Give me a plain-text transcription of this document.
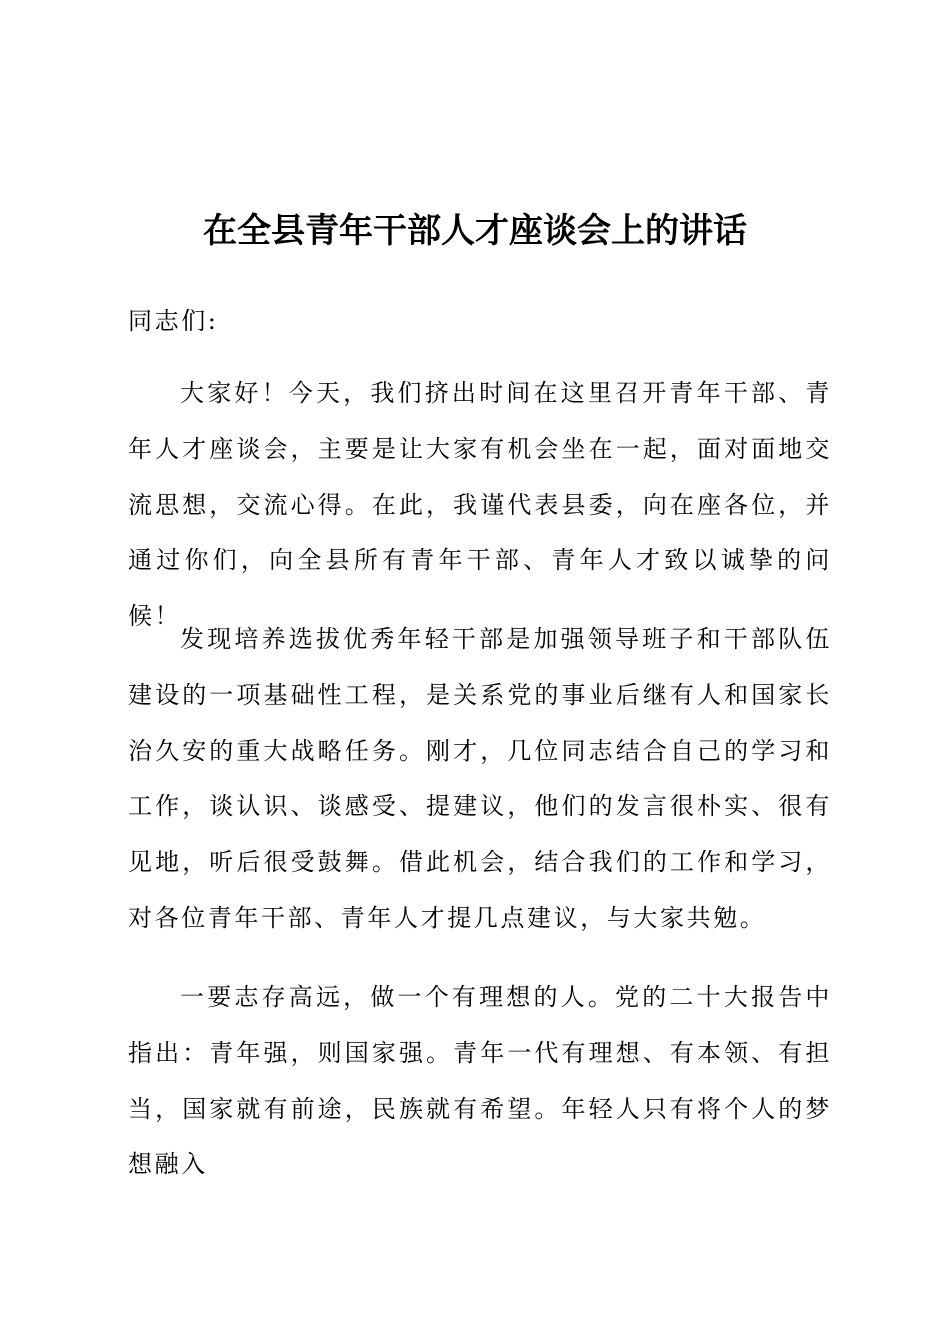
在全县青年干部人才座谈会上的讲话
同志们:
大家好！今天，我们挤出时间在这里召开青年干部、青年人才座谈会，主要是让大家有机会坐在一起，面对面地交流思想，交流心得。在此，我谨代表县委，向在座各位，并通过你们，向全县所有青年干部、青年人才致以诚挚的问候！
发现培养选拔优秀年轻干部是加强领导班子和干部队伍建设的一项基础性工程，是关系党的事业后继有人和国家长治久安的重大战略任务。刚才，几位同志结合自己的学习和工作，谈认识、谈感受、提建议，他们的发言很朴实、很有见地，听后很受鼓舞。借此机会，结合我们的工作和学习，对各位青年干部、青年人才提几点建议，与大家共勉。
一要志存高远，做一个有理想的人。党的二十大报告中指出：青年强，则国家强。青年一代有理想、有本领、有担当，国家就有前途，民族就有希望。年轻人只有将个人的梦想融入
